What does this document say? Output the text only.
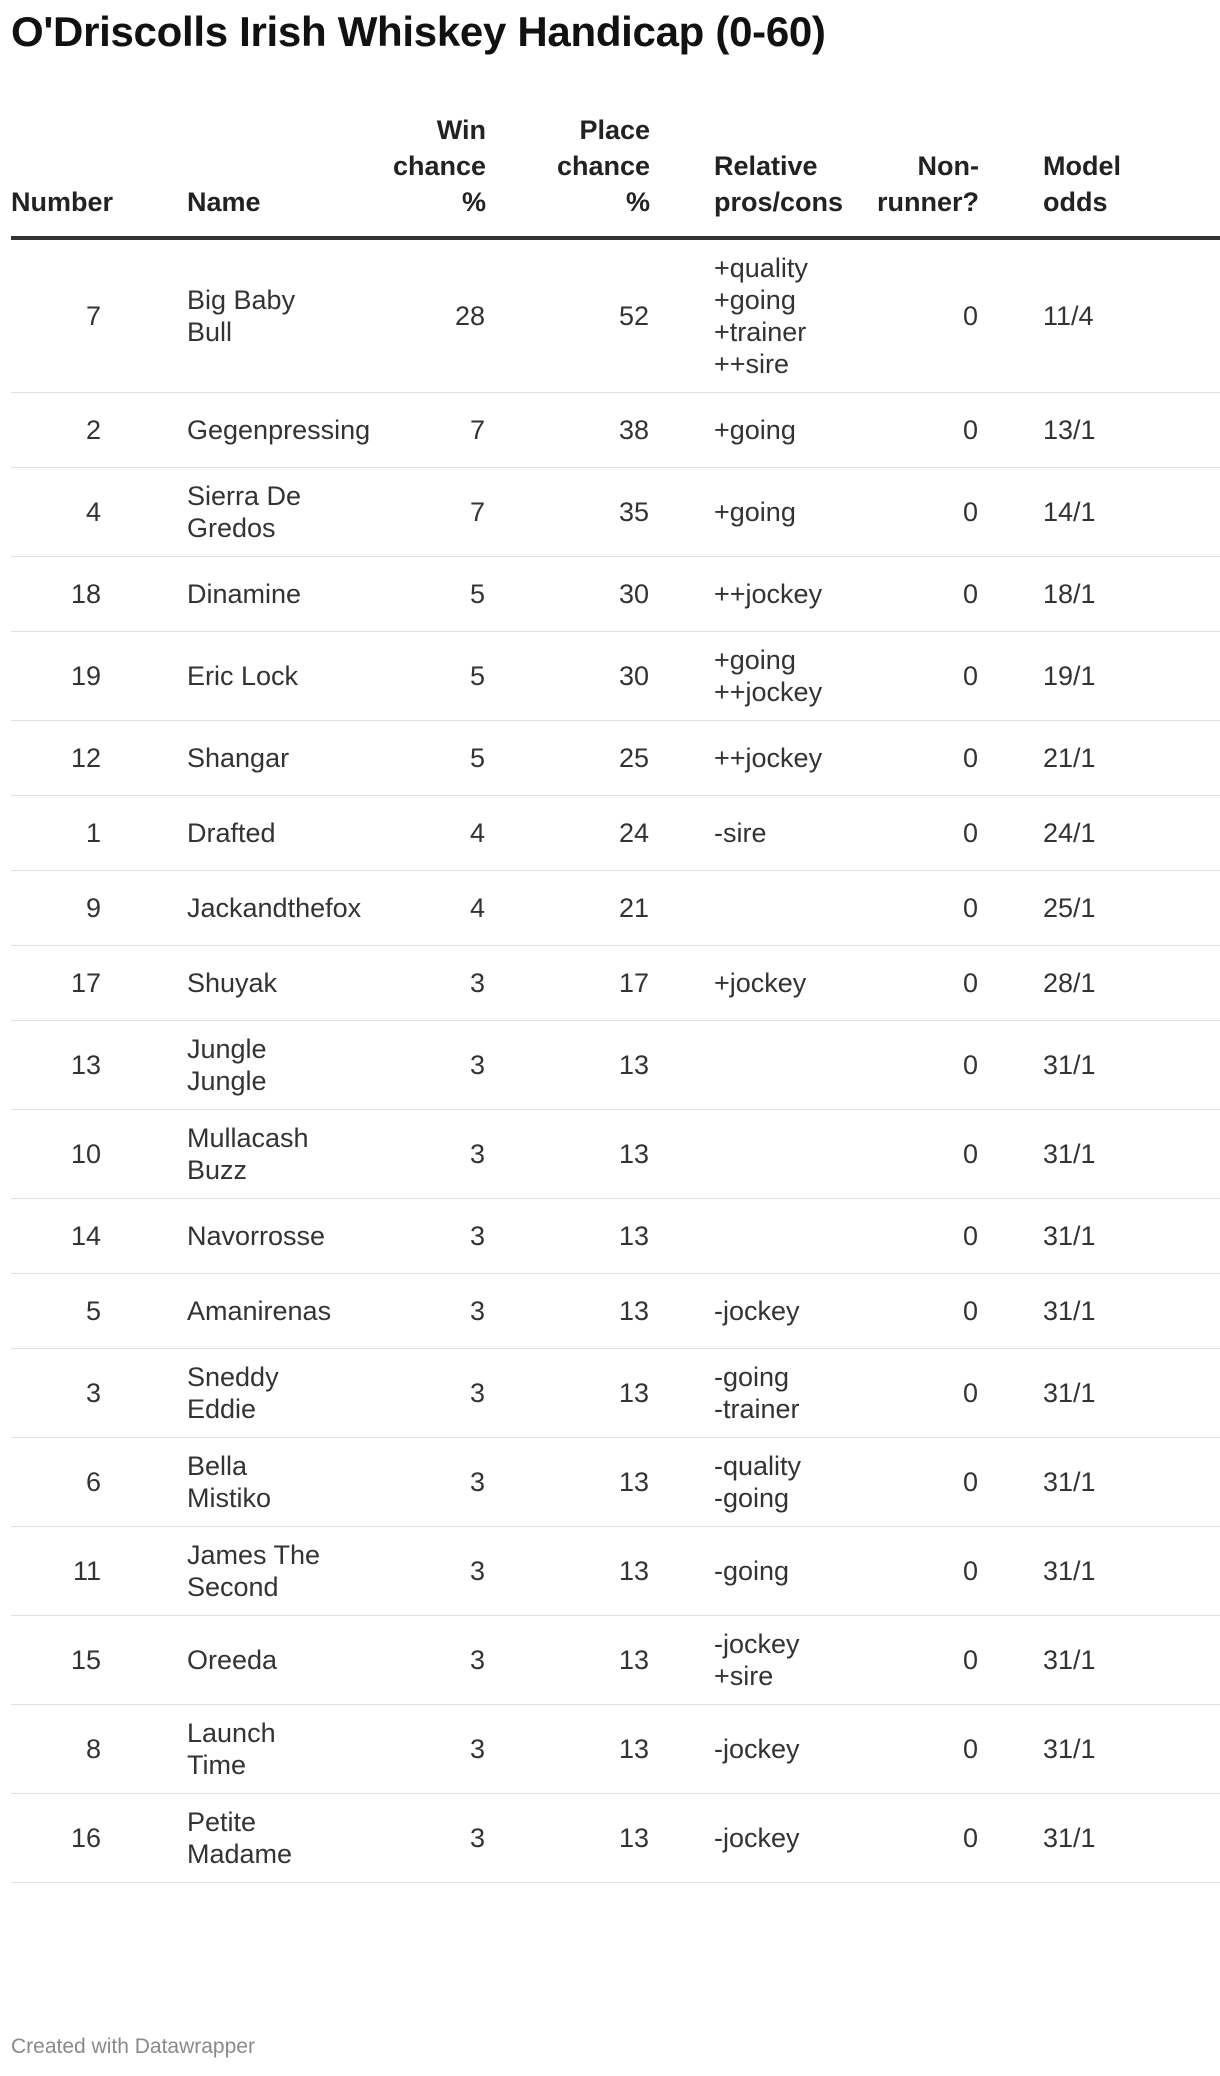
O'Driscolls Irish Whiskey Handicap (0-60)
Number	Name	Win
chance
%	Place
chance
%	Relative
pros/cons	Non-
runner?	Model
odds
7	Big Baby Bull	28	52	+quality
+going
+trainer
++sire	0	11/4
2	Gegenpressing	7	38	+going	0	13/1
4	Sierra De
Gredos	7	35	+going	0	14/1
18	Dinamine	5	30	++jockey	0	18/1
19	Eric Lock	5	30	+going
++jockey	0	19/1
12	Shangar	5	25	++jockey	0	21/1
1	Drafted	4	24	-sire	0	24/1
9	Jackandthefox	4	21		0	25/1
17	Shuyak	3	17	+jockey	0	28/1
13	Jungle Jungle	3	13		0	31/1
10	Mullacash
Buzz	3	13		0	31/1
14	Navorrosse	3	13		0	31/1
5	Amanirenas	3	13	-jockey	0	31/1
3	Sneddy Eddie	3	13	-going
-trainer	0	31/1
6	Bella Mistiko	3	13	-quality
-going	0	31/1
11	James The
Second	3	13	-going	0	31/1
15	Oreeda	3	13	-jockey
+sire	0	31/1
8	Launch Time	3	13	-jockey	0	31/1
16	Petite
Madame	3	13	-jockey	0	31/1
Created with Datawrapper
